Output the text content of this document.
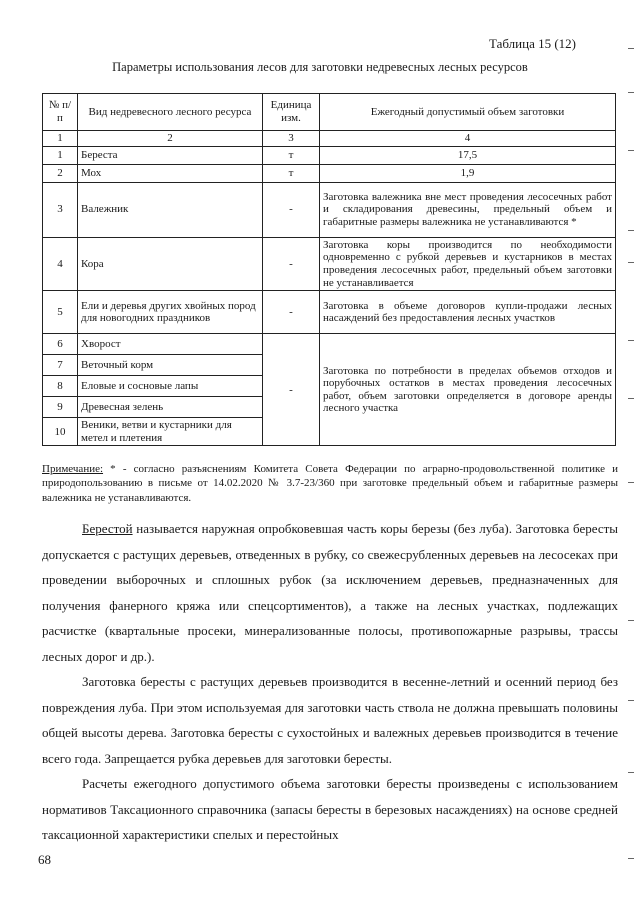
Таблица 15 (12)
Параметры использования лесов для заготовки недревесных лесных ресурсов
№ п/п	Вид недревесного лесного ресурса	Единица изм.	Ежегодный допустимый объем заготовки
1	2	3	4
1	Береста	т	17,5
2	Мох	т	1,9
3	Валежник	-	Заготовка валежника вне мест проведения лесосечных работ и складирования древесины, предельный объем и габаритные размеры валежника не устанавливаются *
4	Кора	-	Заготовка коры производится по необходимости одновременно с рубкой деревьев и кустарников в местах проведения лесосечных работ, предельный объем заготовки не устанавливается
5	Ели и деревья других хвойных пород для новогодних праздников	-	Заготовка в объеме договоров купли-продажи лесных насаждений без предоставления лесных участков
6	Хворост	-	Заготовка по потребности в пределах объемов отходов и порубочных остатков в местах проведения лесосечных работ, объем заготовки определяется в договоре аренды лесного участка
7	Веточный корм		
8	Еловые и сосновые лапы		
9	Древесная зелень		
10	Веники, ветви и кустарники для метел и плетения		
Примечание: * - согласно разъяснениям Комитета Совета Федерации по аграрно-продовольственной политике и природопользованию в письме от 14.02.2020 № 3.7-23/360 при заготовке предельный объем и габаритные размеры валежника не устанавливаются.

Берестой называется наружная опробковевшая часть коры березы (без луба). Заготовка бересты допускается с растущих деревьев, отведенных в рубку, со свежесрубленных деревьев на лесосеках при проведении выборочных и сплошных рубок (за исключением деревьев, предназначенных для получения фанерного кряжа или спецсортиментов), а также на лесных участках, подлежащих расчистке (квартальные просеки, минерализованные полосы, противопожарные разрывы, трассы лесных дорог и др.).

Заготовка бересты с растущих деревьев производится в весенне-летний и осенний период без повреждения луба. При этом используемая для заготовки часть ствола не должна превышать половины общей высоты дерева. Заготовка бересты с сухостойных и валежных деревьев производится в течение всего года. Запрещается рубка деревьев для заготовки бересты.

Расчеты ежегодного допустимого объема заготовки бересты произведены с использованием нормативов Таксационного справочника (запасы бересты в березовых насаждениях) на основе средней таксационной характеристики спелых и перестойных

68
